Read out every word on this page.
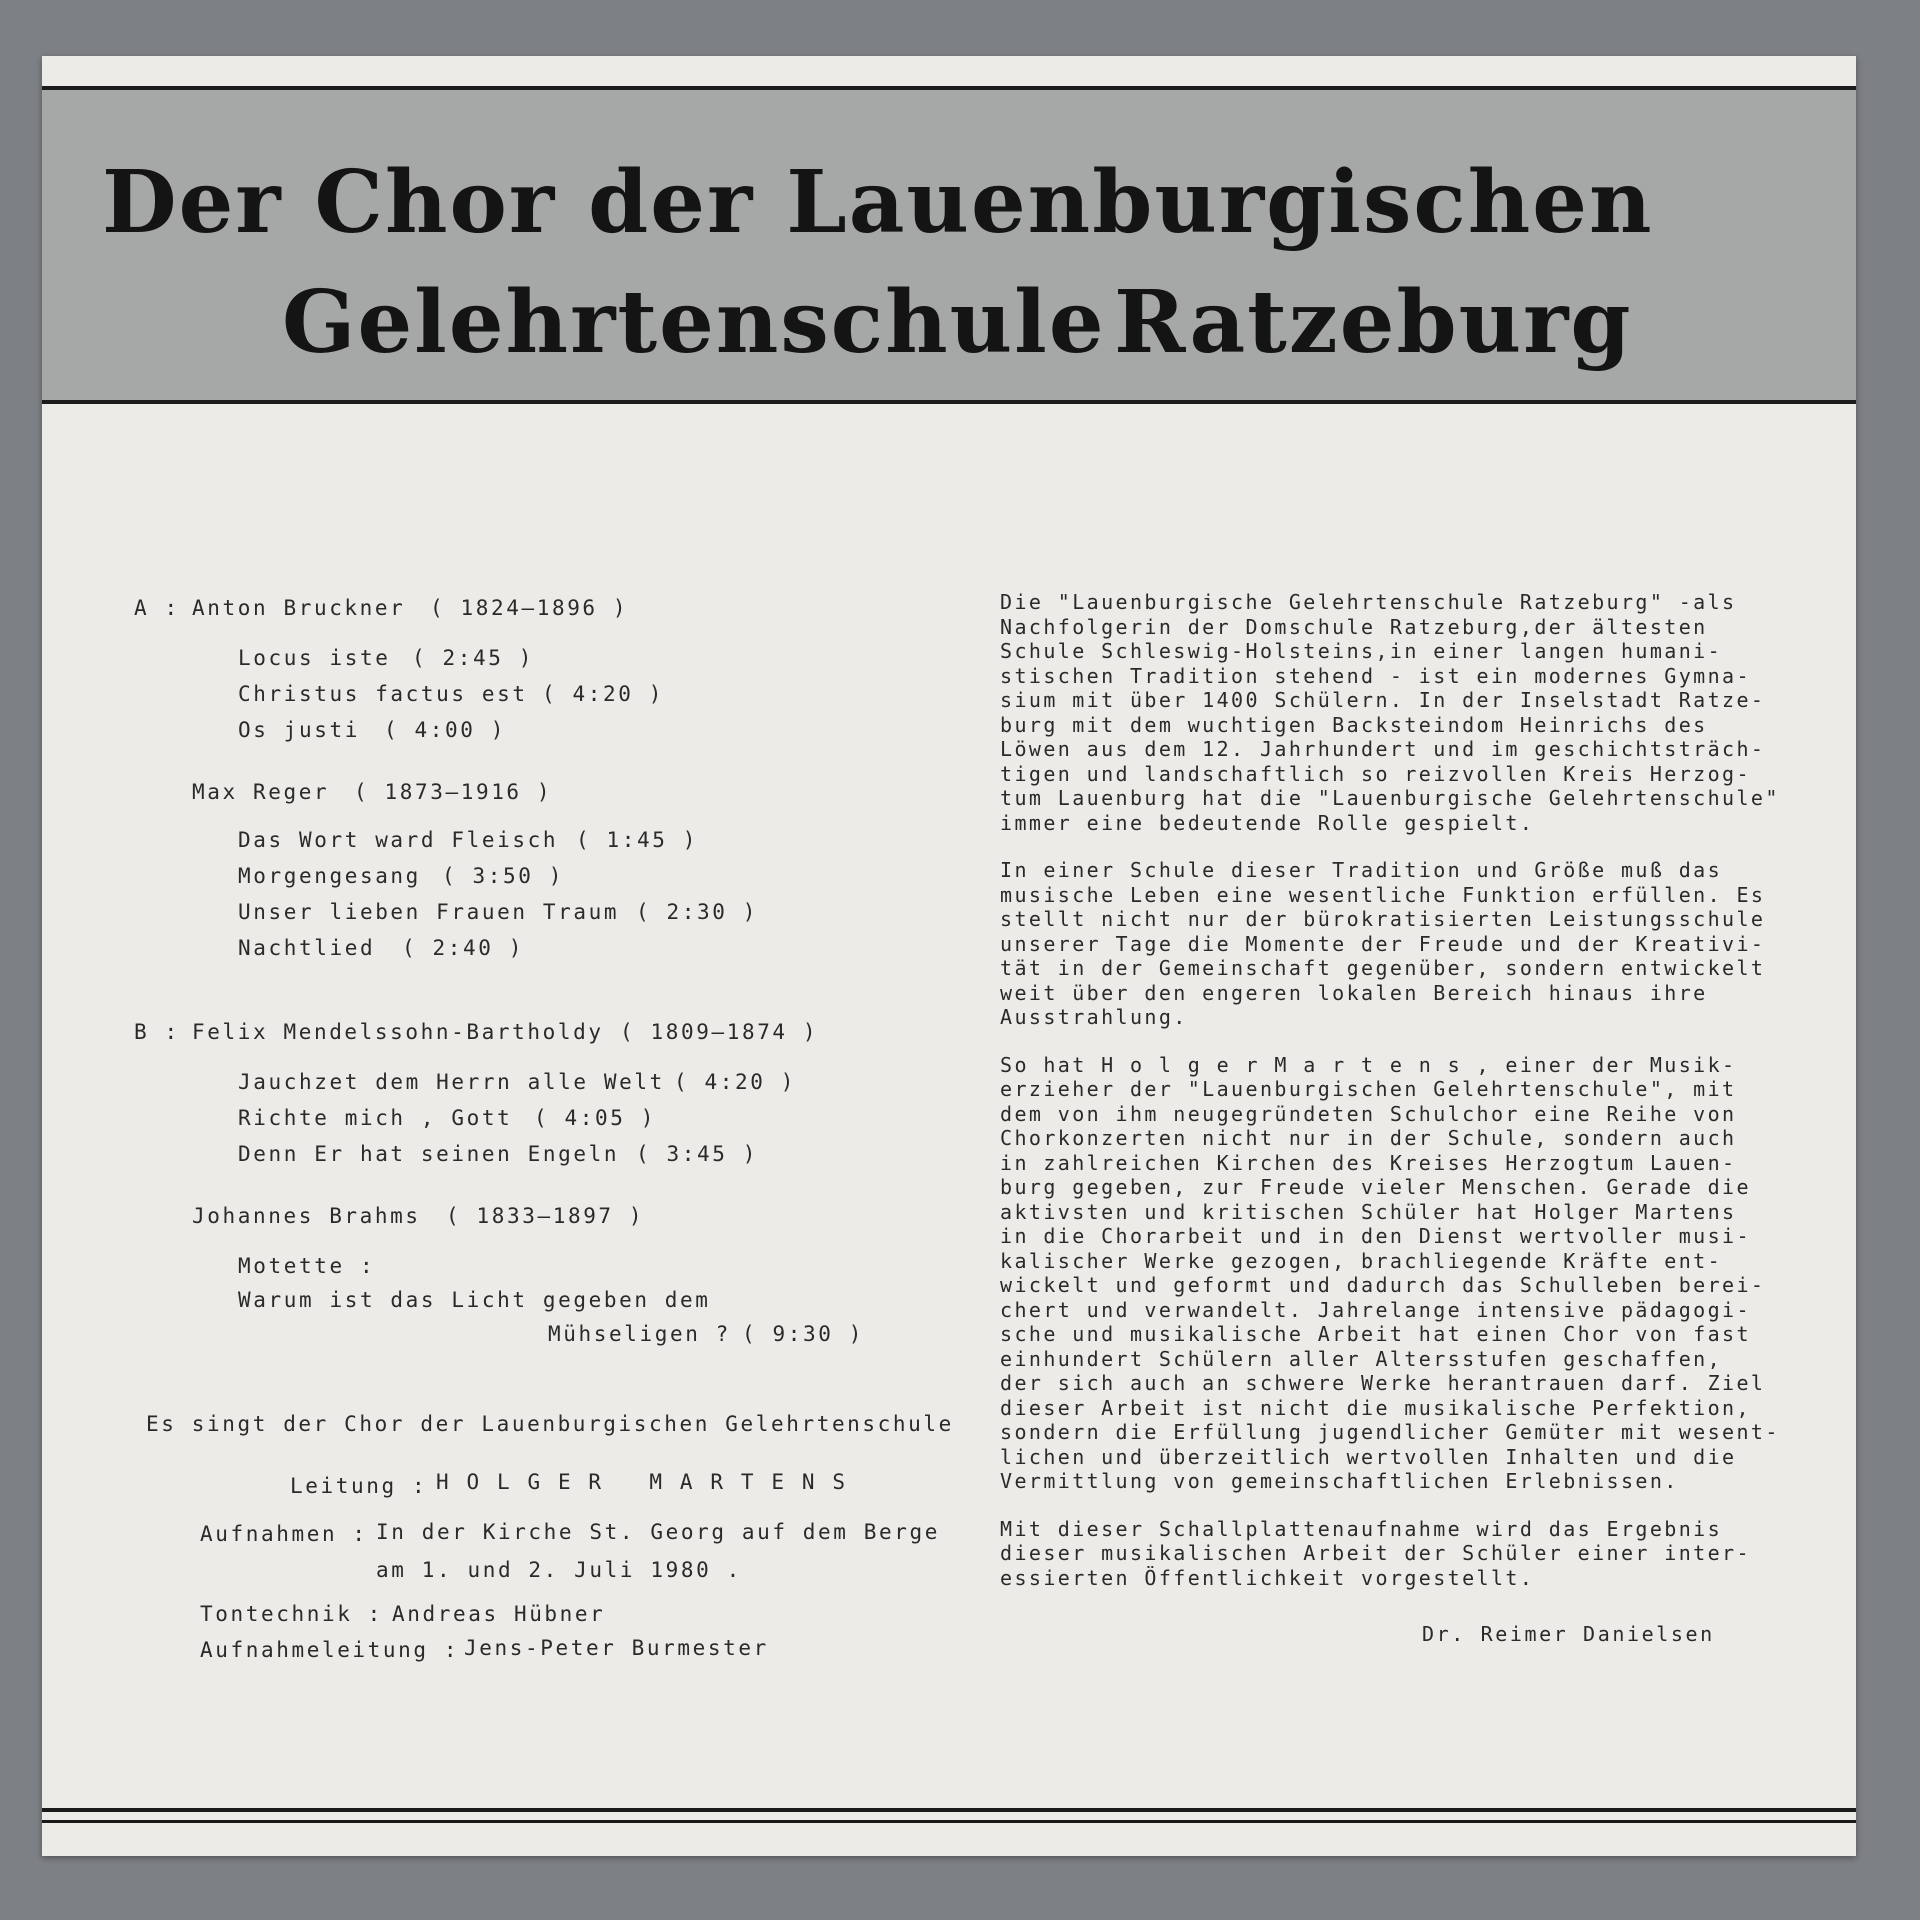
Der Chor der Lauenburgischen
Gelehrtenschule Ratzeburg
A : Anton Bruckner ( 1824–1896 )
Locus iste ( 2:45 )
Christus factus est ( 4:20 )
Os justi ( 4:00 )
Max Reger ( 1873–1916 )
Das Wort ward Fleisch ( 1:45 )
Morgengesang ( 3:50 )
Unser lieben Frauen Traum ( 2:30 )
Nachtlied ( 2:40 )
B : Felix Mendelssohn-Bartholdy ( 1809–1874 )
Jauchzet dem Herrn alle Welt ( 4:20 )
Richte mich , Gott ( 4:05 )
Denn Er hat seinen Engeln ( 3:45 )
Johannes Brahms ( 1833–1897 )
Motette :
Warum ist das Licht gegeben dem
Mühseligen ? ( 9:30 )
Es singt der Chor der Lauenburgischen Gelehrtenschule
Leitung : H O L G E R   M A R T E N S
Aufnahmen : In der Kirche St. Georg auf dem Berge
am 1. und 2. Juli 1980 .
Tontechnik : Andreas Hübner
Aufnahmeleitung : Jens-Peter Burmester

Die "Lauenburgische Gelehrtenschule Ratzeburg" -als
Nachfolgerin der Domschule Ratzeburg,der ältesten
Schule Schleswig-Holsteins,in einer langen humani-
stischen Tradition stehend - ist ein modernes Gymna-
sium mit über 1400 Schülern. In der Inselstadt Ratze-
burg mit dem wuchtigen Backsteindom Heinrichs des
Löwen aus dem 12. Jahrhundert und im geschichtsträch-
tigen und landschaftlich so reizvollen Kreis Herzog-
tum Lauenburg hat die "Lauenburgische Gelehrtenschule"
immer eine bedeutende Rolle gespielt.

In einer Schule dieser Tradition und Größe muß das
musische Leben eine wesentliche Funktion erfüllen. Es
stellt nicht nur der bürokratisierten Leistungsschule
unserer Tage die Momente der Freude und der Kreativi-
tät in der Gemeinschaft gegenüber, sondern entwickelt
weit über den engeren lokalen Bereich hinaus ihre
Ausstrahlung.

So hat H o l g e r M a r t e n s , einer der Musik-
erzieher der "Lauenburgischen Gelehrtenschule", mit
dem von ihm neugegründeten Schulchor eine Reihe von
Chorkonzerten nicht nur in der Schule, sondern auch
in zahlreichen Kirchen des Kreises Herzogtum Lauen-
burg gegeben, zur Freude vieler Menschen. Gerade die
aktivsten und kritischen Schüler hat Holger Martens
in die Chorarbeit und in den Dienst wertvoller musi-
kalischer Werke gezogen, brachliegende Kräfte ent-
wickelt und geformt und dadurch das Schulleben berei-
chert und verwandelt. Jahrelange intensive pädagogi-
sche und musikalische Arbeit hat einen Chor von fast
einhundert Schülern aller Altersstufen geschaffen,
der sich auch an schwere Werke herantrauen darf. Ziel
dieser Arbeit ist nicht die musikalische Perfektion,
sondern die Erfüllung jugendlicher Gemüter mit wesent-
lichen und überzeitlich wertvollen Inhalten und die
Vermittlung von gemeinschaftlichen Erlebnissen.

Mit dieser Schallplattenaufnahme wird das Ergebnis
dieser musikalischen Arbeit der Schüler einer inter-
essierten Öffentlichkeit vorgestellt.

Dr. Reimer Danielsen
